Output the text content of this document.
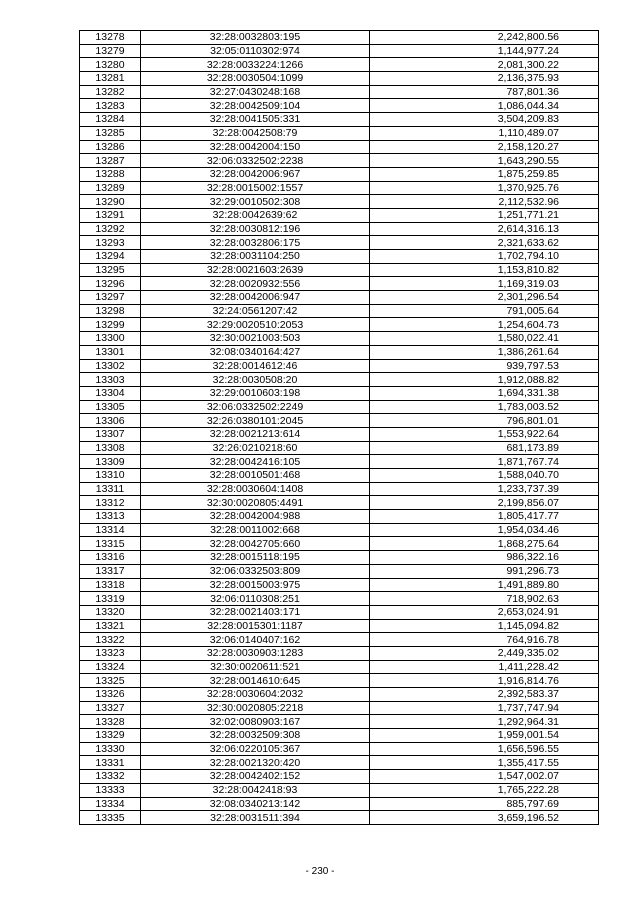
13278	32:28:0032803:195	2,242,800.56
13279	32:05:0110302:974	1,144,977.24
13280	32:28:0033224:1266	2,081,300.22
13281	32:28:0030504:1099	2,136,375.93
13282	32:27:0430248:168	787,801.36
13283	32:28:0042509:104	1,086,044.34
13284	32:28:0041505:331	3,504,209.83
13285	32:28:0042508:79	1,110,489.07
13286	32:28:0042004:150	2,158,120.27
13287	32:06:0332502:2238	1,643,290.55
13288	32:28:0042006:967	1,875,259.85
13289	32:28:0015002:1557	1,370,925.76
13290	32:29:0010502:308	2,112,532.96
13291	32:28:0042639:62	1,251,771.21
13292	32:28:0030812:196	2,614,316.13
13293	32:28:0032806:175	2,321,633.62
13294	32:28:0031104:250	1,702,794.10
13295	32:28:0021603:2639	1,153,810.82
13296	32:28:0020932:556	1,169,319.03
13297	32:28:0042006:947	2,301,296.54
13298	32:24:0561207:42	791,005.64
13299	32:29:0020510:2053	1,254,604.73
13300	32:30:0021003:503	1,580,022.41
13301	32:08:0340164:427	1,386,261.64
13302	32:28:0014612:46	939,797.53
13303	32:28:0030508:20	1,912,088.82
13304	32:29:0010603:198	1,694,331.38
13305	32:06:0332502:2249	1,783,003.52
13306	32:26:0380101:2045	796,801.01
13307	32:28:0021213:614	1,553,922.64
13308	32:26:0210218:60	681,173.89
13309	32:28:0042416:105	1,871,767.74
13310	32:28:0010501:468	1,588,040.70
13311	32:28:0030604:1408	1,233,737.39
13312	32:30:0020805:4491	2,199,856.07
13313	32:28:0042004:988	1,805,417.77
13314	32:28:0011002:668	1,954,034.46
13315	32:28:0042705:660	1,868,275.64
13316	32:28:0015118:195	986,322.16
13317	32:06:0332503:809	991,296.73
13318	32:28:0015003:975	1,491,889.80
13319	32:06:0110308:251	718,902.63
13320	32:28:0021403:171	2,653,024.91
13321	32:28:0015301:1187	1,145,094.82
13322	32:06:0140407:162	764,916.78
13323	32:28:0030903:1283	2,449,335.02
13324	32:30:0020611:521	1,411,228.42
13325	32:28:0014610:645	1,916,814.76
13326	32:28:0030604:2032	2,392,583.37
13327	32:30:0020805:2218	1,737,747.94
13328	32:02:0080903:167	1,292,964.31
13329	32:28:0032509:308	1,959,001.54
13330	32:06:0220105:367	1,656,596.55
13331	32:28:0021320:420	1,355,417.55
13332	32:28:0042402:152	1,547,002.07
13333	32:28:0042418:93	1,765,222.28
13334	32:08:0340213:142	885,797.69
13335	32:28:0031511:394	3,659,196.52
- 230 -
